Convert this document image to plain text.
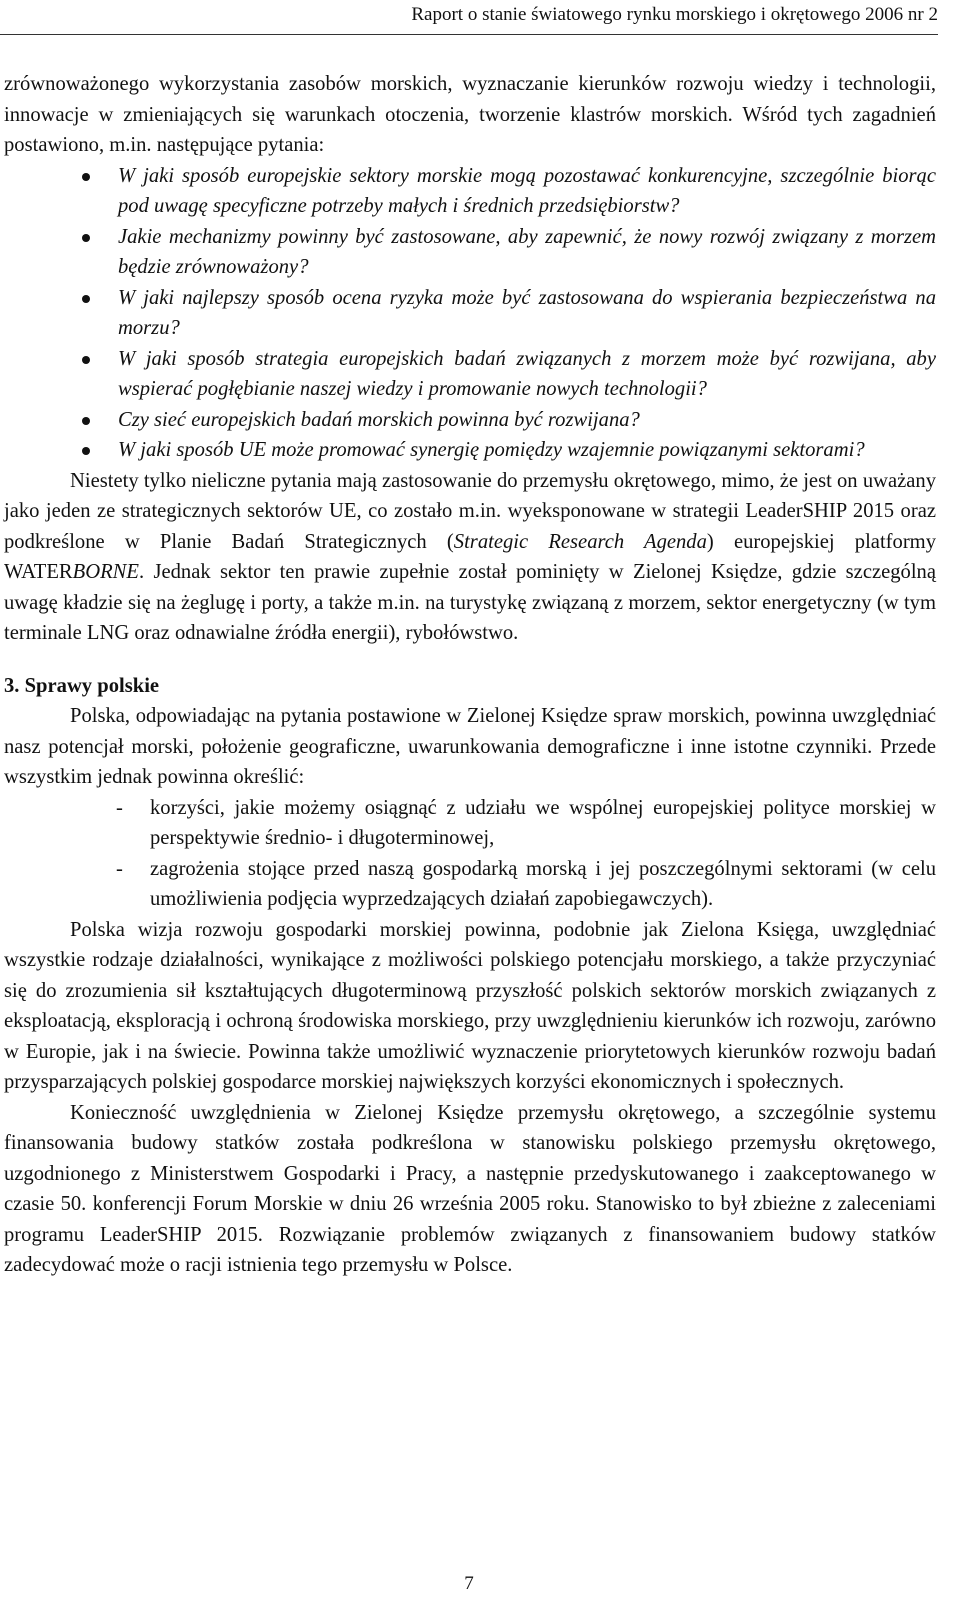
Raport o stanie światowego rynku morskiego i okrętowego 2006 nr 2

zrównoważonego wykorzystania zasobów morskich, wyznaczanie kierunków rozwoju wiedzy i technologii, innowacje w zmieniających się warunkach otoczenia, tworzenie klastrów morskich. Wśród tych zagadnień postawiono, m.in. następujące pytania:

W jaki sposób europejskie sektory morskie mogą pozostawać konkurencyjne, szczególnie biorąc pod uwagę specyficzne potrzeby małych i średnich przedsiębiorstw?
Jakie mechanizmy powinny być zastosowane, aby zapewnić, że nowy rozwój związany z morzem będzie zrównoważony?
W jaki najlepszy sposób ocena ryzyka może być zastosowana do wspierania bezpieczeństwa na morzu?
W jaki sposób strategia europejskich badań związanych z morzem może być rozwijana, aby wspierać pogłębianie naszej wiedzy i promowanie nowych technologii?
Czy sieć europejskich badań morskich powinna być rozwijana?
W jaki sposób UE może promować synergię pomiędzy wzajemnie powiązanymi sektorami?

Niestety tylko nieliczne pytania mają zastosowanie do przemysłu okrętowego, mimo, że jest on uważany jako jeden ze strategicznych sektorów UE, co zostało m.in. wyeksponowane w strategii LeaderSHIP 2015 oraz podkreślone w Planie Badań Strategicznych (Strategic Research Agenda) europejskiej platformy WATERBORNE. Jednak sektor ten prawie zupełnie został pominięty w Zielonej Księdze, gdzie szczególną uwagę kładzie się na żeglugę i porty, a także m.in. na turystykę związaną z morzem, sektor energetyczny (w tym terminale LNG oraz odnawialne źródła energii), rybołówstwo.

3. Sprawy polskie

Polska, odpowiadając na pytania postawione w Zielonej Księdze spraw morskich, powinna uwzględniać nasz potencjał morski, położenie geograficzne, uwarunkowania demograficzne i inne istotne czynniki. Przede wszystkim jednak powinna określić:

- korzyści, jakie możemy osiągnąć z udziału we wspólnej europejskiej polityce morskiej w perspektywie średnio- i długoterminowej,
- zagrożenia stojące przed naszą gospodarką morską i jej poszczególnymi sektorami (w celu umożliwienia podjęcia wyprzedzających działań zapobiegawczych).

Polska wizja rozwoju gospodarki morskiej powinna, podobnie jak Zielona Księga, uwzględniać wszystkie rodzaje działalności, wynikające z możliwości polskiego potencjału morskiego, a także przyczyniać się do zrozumienia sił kształtujących długoterminową przyszłość polskich sektorów morskich związanych z eksploatacją, eksploracją i ochroną środowiska morskiego, przy uwzględnieniu kierunków ich rozwoju, zarówno w Europie, jak i na świecie. Powinna także umożliwić wyznaczenie priorytetowych kierunków rozwoju badań przysparzających polskiej gospodarce morskiej największych korzyści ekonomicznych i społecznych.

Konieczność uwzględnienia w Zielonej Księdze przemysłu okrętowego, a szczególnie systemu finansowania budowy statków została podkreślona w stanowisku polskiego przemysłu okrętowego, uzgodnionego z Ministerstwem Gospodarki i Pracy, a następnie przedyskutowanego i zaakceptowanego w czasie 50. konferencji Forum Morskie w dniu 26 września 2005 roku. Stanowisko to był zbieżne z zaleceniami programu LeaderSHIP 2015. Rozwiązanie problemów związanych z finansowaniem budowy statków zadecydować może o racji istnienia tego przemysłu w Polsce.

7
